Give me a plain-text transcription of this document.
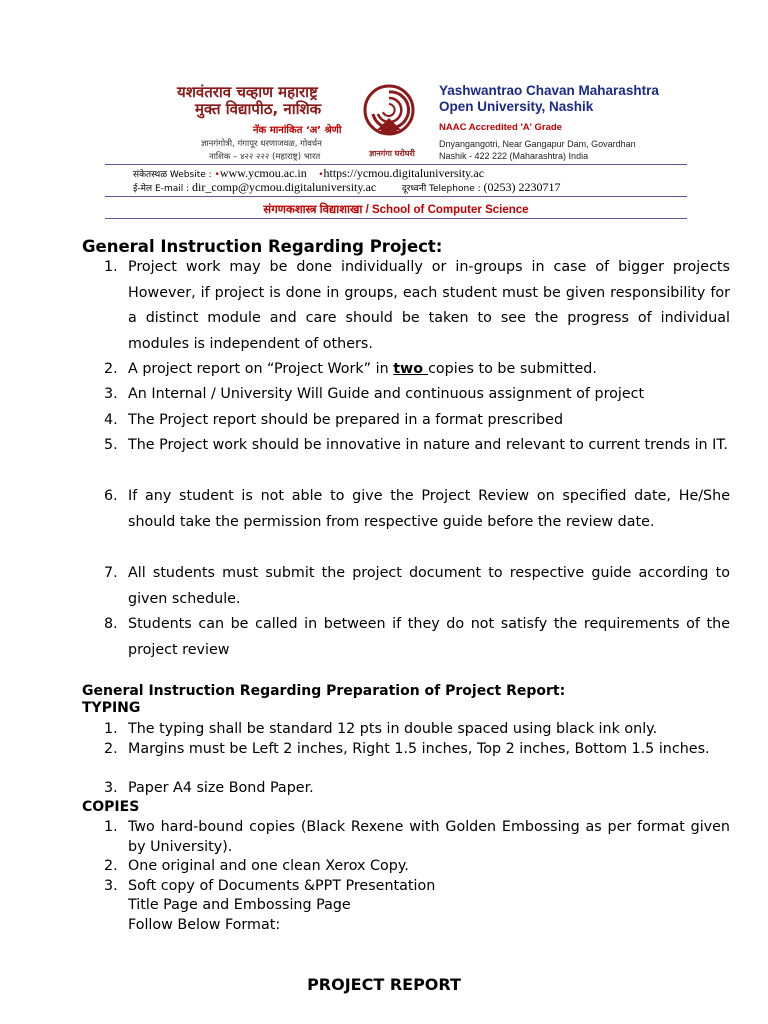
यशवंतराव चव्हाण महाराष्ट्र
मुक्त विद्यापीठ, नाशिक
नॅक मानांकित ‘अ’ श्रेणी
ज्ञानगंगोत्री, गंगापूर धरणाजवळ, गोवर्धन
नाशिक – ४२२ २२२ (महाराष्ट्र) भारत	ज्ञानगंगा घरोघरी
Yashwantrao Chavan Maharashtra
Open University, Nashik
NAAC Accredited 'A' Grade
Dnyangangotri, Near Gangapur Dam, Govardhan
Nashik - 422 222 (Maharashtra) India
संकेतस्थळ Website : •www.ycmou.ac.in •https://ycmou.digitaluniversity.ac
ई-मेल E-mail : dir_comp@ycmou.digitaluniversity.ac	दूरध्वनी Telephone : (0253) 2230717
संगणकशास्त्र विद्याशाखा / School of Computer Science
General Instruction Regarding Project:
1. Project work may be done individually or in-groups in case of bigger projects However, if project is done in groups, each student must be given responsibility for a distinct module and care should be taken to see the progress of individual modules is independent of others.
2. A project report on “Project Work” in two copies to be submitted.
3. An Internal / University Will Guide and continuous assignment of project
4. The Project report should be prepared in a format prescribed
5. The Project work should be innovative in nature and relevant to current trends in IT.
6. If any student is not able to give the Project Review on specified date, He/She should take the permission from respective guide before the review date.
7. All students must submit the project document to respective guide according to given schedule.
8. Students can be called in between if they do not satisfy the requirements of the project review
General Instruction Regarding Preparation of Project Report:
TYPING
1. The typing shall be standard 12 pts in double spaced using black ink only.
2. Margins must be Left 2 inches, Right 1.5 inches, Top 2 inches, Bottom 1.5 inches.
3. Paper A4 size Bond Paper.
COPIES
1. Two hard-bound copies (Black Rexene with Golden Embossing as per format given by University).
2. One original and one clean Xerox Copy.
3. Soft copy of Documents &PPT Presentation
Title Page and Embossing Page
Follow Below Format:
PROJECT REPORT
